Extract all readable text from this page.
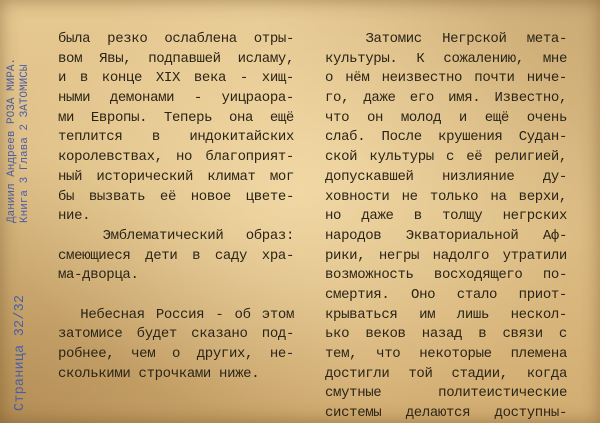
Страница 32/32
Даниил Андреев РОЗА МИРА. Книга 3 Глава 2 ЗАТОМИСЫ
была резко ослаблена отры-
вом Явы, подпавшей исламу,
и в конце XIX века - хищ-
ными демонами - уицраора-
ми Европы. Теперь она ещё
теплится в индокитайских
королевствах, но благоприят-
ный исторический климат мог
бы вызвать её новое цвете-
ние.
Эмблематический образ:
смеющиеся дети в саду хра-
ма-дворца.
Небесная Россия - об этом
затомисе будет сказано под-
робнее, чем о других, не-
сколькими строчками ниже.
Затомис Негрской мета-
культуры. К сожалению, мне
о нём неизвестно почти ниче-
го, даже его имя. Известно,
что он молод и ещё очень
слаб. После крушения Судан-
ской культуры с её религией,
допускавшей низлияние ду-
ховности не только на верхи,
но даже в толщу негрских
народов Экваториальной Аф-
рики, негры надолго утратили
возможность восходящего по-
смертия. Оно стало приот-
крываться им лишь нескол-
ько веков назад в связи с
тем, что некоторые племена
достигли той стадии, когда
смутные политеистические
системы делаются доступны-
